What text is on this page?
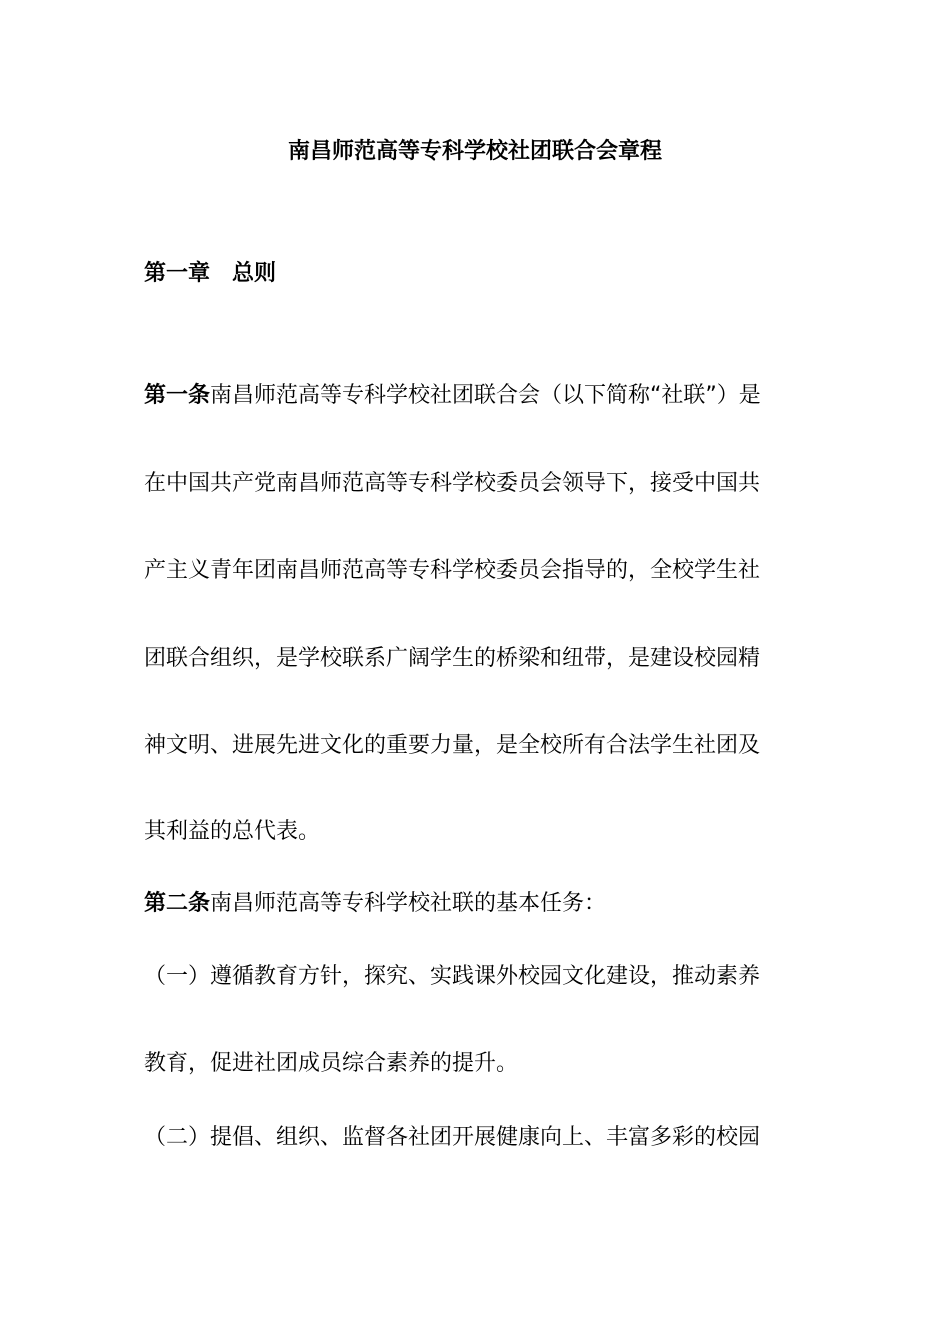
南昌师范高等专科学校社团联合会章程
第一章 总则
第一条南昌师范高等专科学校社团联合会（以下简称“社联”）是
在中国共产党南昌师范高等专科学校委员会领导下，接受中国共
产主义青年团南昌师范高等专科学校委员会指导的，全校学生社
团联合组织，是学校联系广阔学生的桥梁和纽带，是建设校园精
神文明、进展先进文化的重要力量，是全校所有合法学生社团及
其利益的总代表。
第二条南昌师范高等专科学校社联的基本任务：
（一）遵循教育方针，探究、实践课外校园文化建设，推动素养
教育，促进社团成员综合素养的提升。
（二）提倡、组织、监督各社团开展健康向上、丰富多彩的校园
